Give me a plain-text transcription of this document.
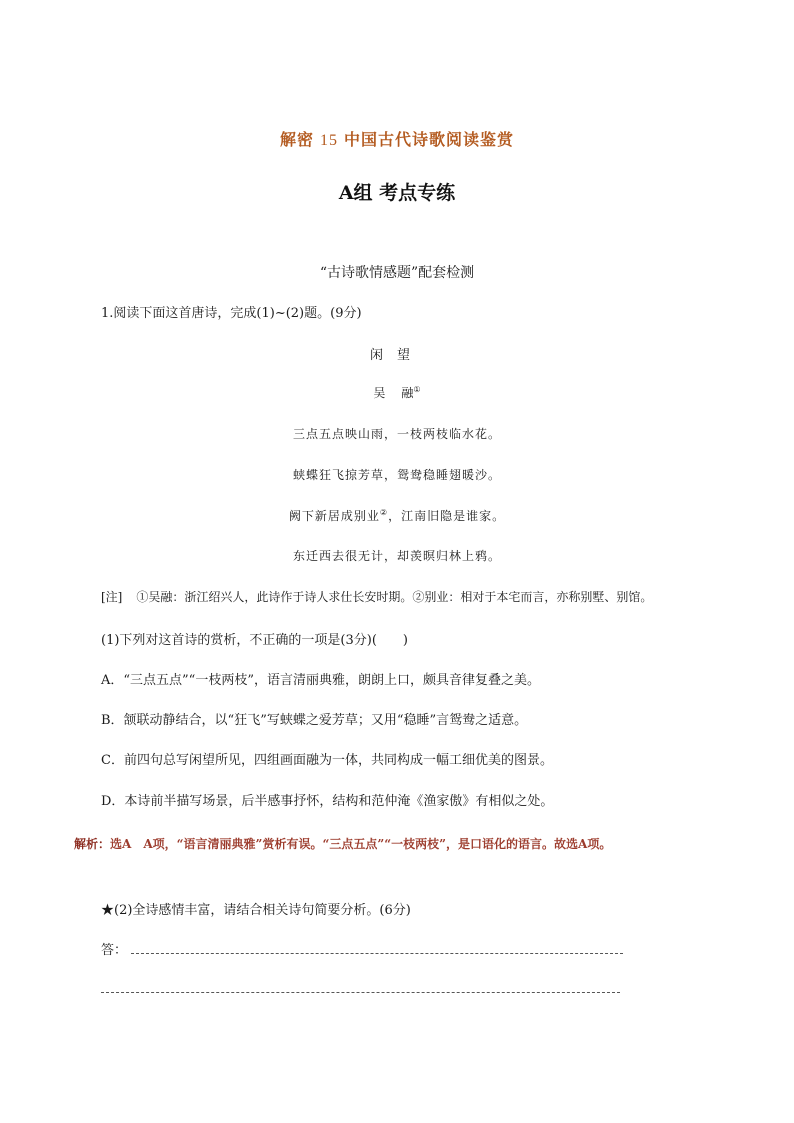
解密 15 中国古代诗歌阅读鉴赏
A组 考点专练
“古诗歌情感题”配套检测
1.阅读下面这首唐诗，完成(1)~(2)题。(9分)
闲望
吴 融①
三点五点映山雨，一枝两枝临水花。
蛱蝶狂飞掠芳草，鸳鸯稳睡翅暖沙。
阙下新居成别业②，江南旧隐是谁家。
东迁西去很无计，却羡暝归林上鸦。
[注] ①吴融：浙江绍兴人，此诗作于诗人求仕长安时期。②别业：相对于本宅而言，亦称别墅、别馆。
(1)下列对这首诗的赏析，不正确的一项是(3分)(　　)
A．“三点五点”“一枝两枝”，语言清丽典雅，朗朗上口，颇具音律复叠之美。
B．颔联动静结合，以“狂飞”写蛱蝶之爱芳草；又用“稳睡”言鸳鸯之适意。
C．前四句总写闲望所见，四组画面融为一体，共同构成一幅工细优美的图景。
D．本诗前半描写场景，后半感事抒怀，结构和范仲淹《渔家傲》有相似之处。
解析：选A　A项，“语言清丽典雅”赏析有误。“三点五点”“一枝两枝”，是口语化的语言。故选A项。
★(2)全诗感情丰富，请结合相关诗句简要分析。(6分)
答：
